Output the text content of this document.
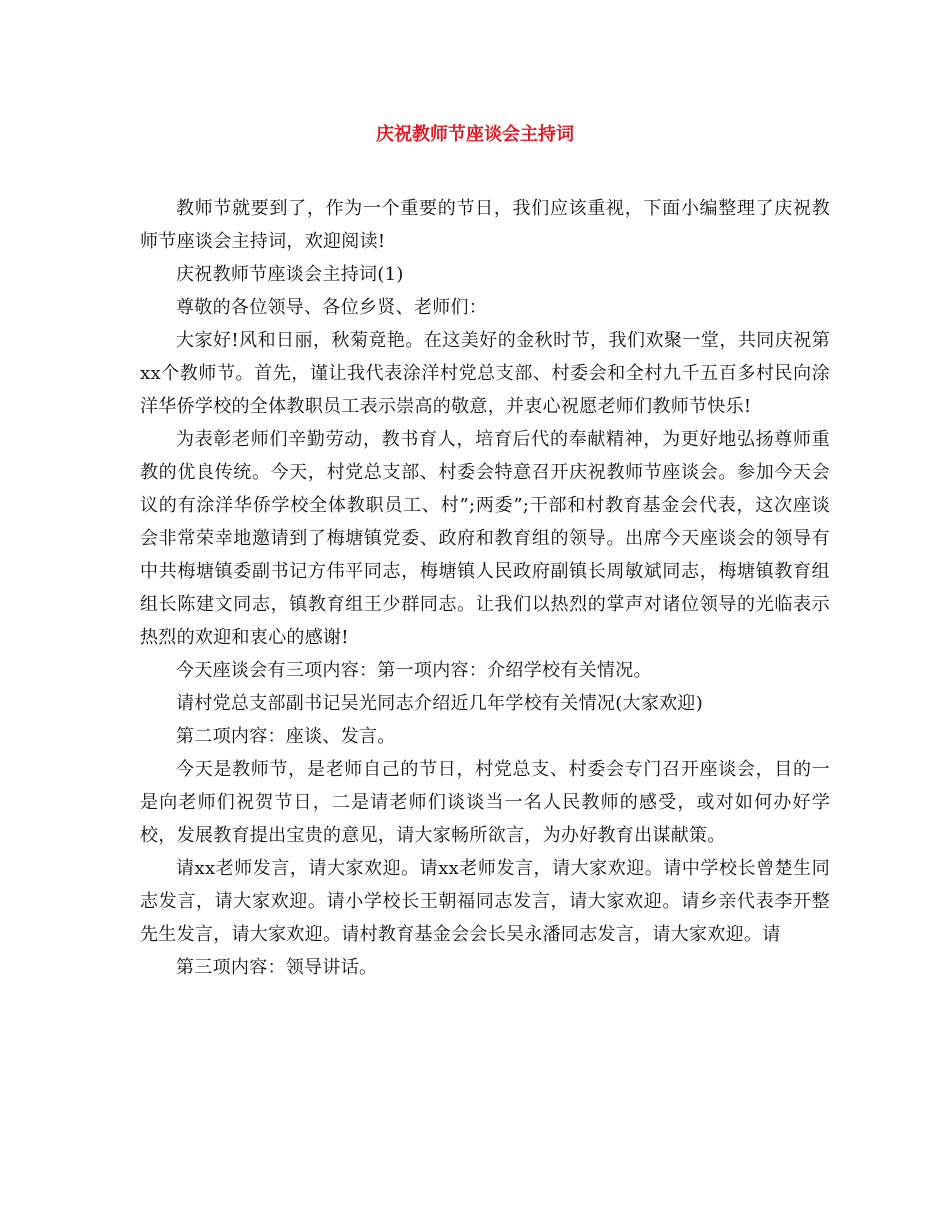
庆祝教师节座谈会主持词

教师节就要到了，作为一个重要的节日，我们应该重视，下面小编整理了庆祝教师节座谈会主持词，欢迎阅读!

庆祝教师节座谈会主持词(1)

尊敬的各位领导、各位乡贤、老师们：

大家好!风和日丽，秋菊竟艳。在这美好的金秋时节，我们欢聚一堂，共同庆祝第xx个教师节。首先，谨让我代表涂洋村党总支部、村委会和全村九千五百多村民向涂洋华侨学校的全体教职员工表示崇高的敬意，并衷心祝愿老师们教师节快乐!

为表彰老师们辛勤劳动，教书育人，培育后代的奉献精神，为更好地弘扬尊师重教的优良传统。今天，村党总支部、村委会特意召开庆祝教师节座谈会。参加今天会议的有涂洋华侨学校全体教职员工、村”;两委”;干部和村教育基金会代表，这次座谈会非常荣幸地邀请到了梅塘镇党委、政府和教育组的领导。出席今天座谈会的领导有中共梅塘镇委副书记方伟平同志，梅塘镇人民政府副镇长周敏斌同志，梅塘镇教育组组长陈建文同志，镇教育组王少群同志。让我们以热烈的掌声对诸位领导的光临表示热烈的欢迎和衷心的感谢!

今天座谈会有三项内容：第一项内容：介绍学校有关情况。

请村党总支部副书记吴光同志介绍近几年学校有关情况(大家欢迎)

第二项内容：座谈、发言。

今天是教师节，是老师自己的节日，村党总支、村委会专门召开座谈会，目的一是向老师们祝贺节日，二是请老师们谈谈当一名人民教师的感受，或对如何办好学校，发展教育提出宝贵的意见，请大家畅所欲言，为办好教育出谋献策。

请xx老师发言，请大家欢迎。请xx老师发言，请大家欢迎。请中学校长曾楚生同志发言，请大家欢迎。请小学校长王朝福同志发言，请大家欢迎。请乡亲代表李开整先生发言，请大家欢迎。请村教育基金会会长吴永潘同志发言，请大家欢迎。请

第三项内容：领导讲话。
